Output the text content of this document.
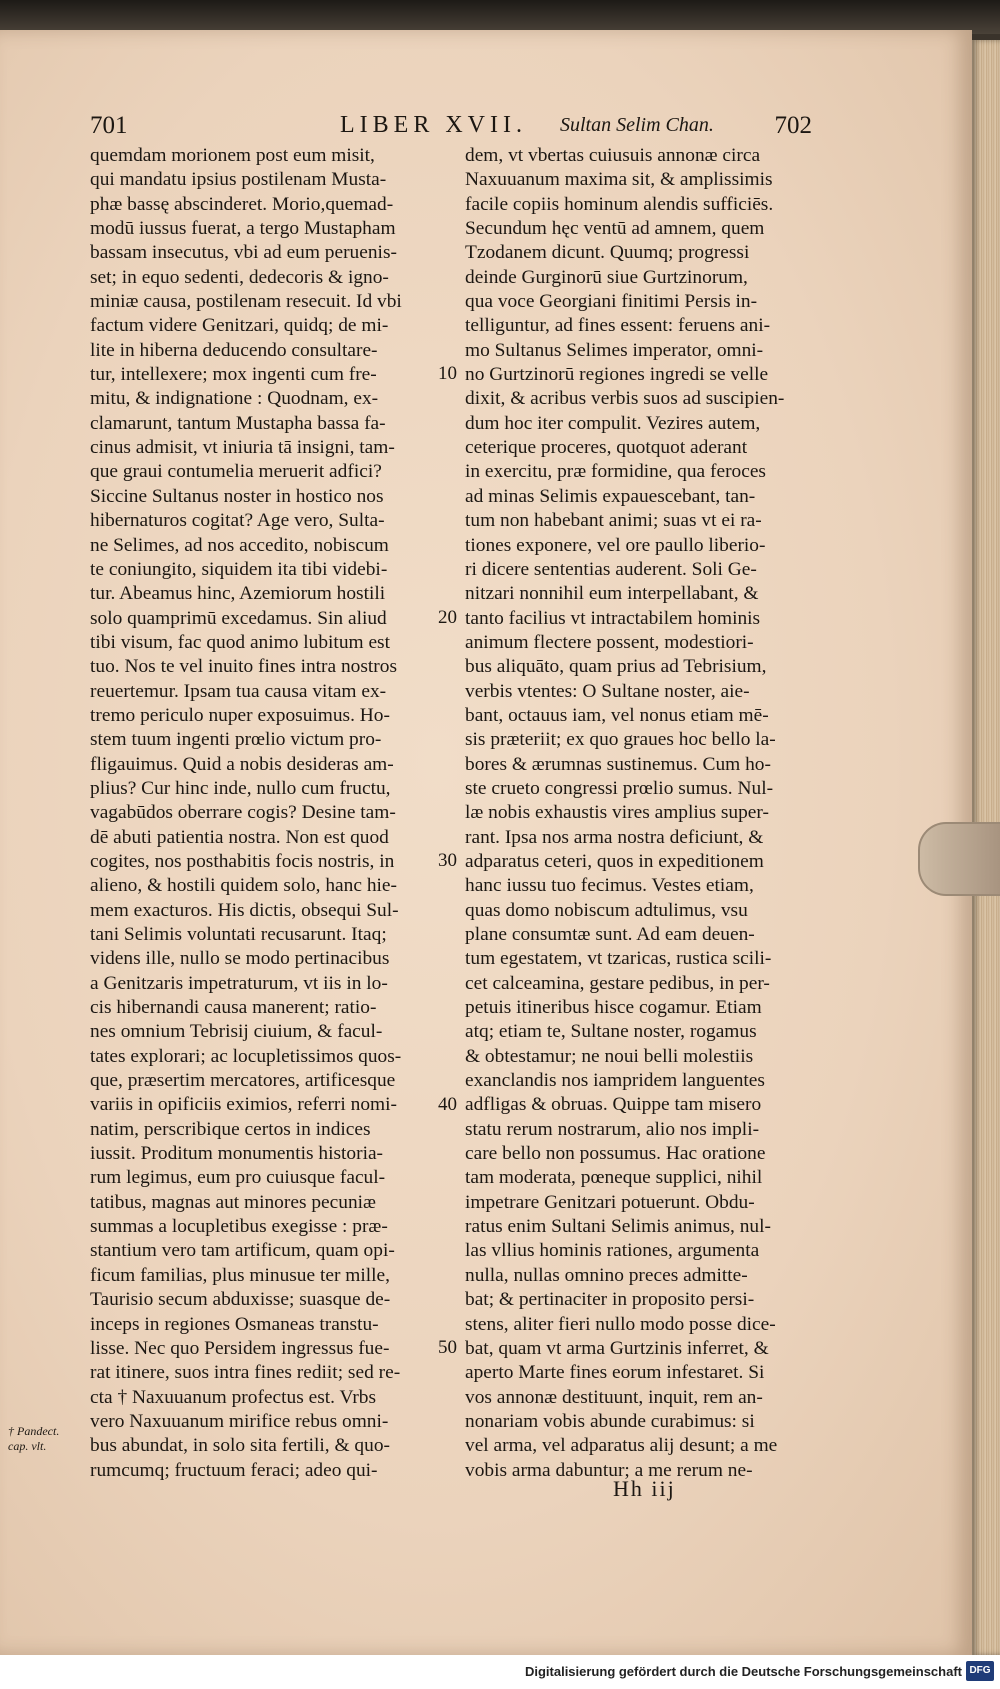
701	LIBER XVII. Sultan Selim Chan. 702
quemdam morionem post eum misit,
qui mandatu ipsius postilenam Musta-
phæ bassę abscinderet. Morio,quemad-
modū iussus fuerat, a tergo Mustapham
bassam insecutus, vbi ad eum peruenis-
set; in equo sedenti, dedecoris & igno-
miniæ causa, postilenam resecuit. Id vbi
factum videre Genitzari, quidq; de mi-
lite in hiberna deducendo consultare-
tur, intellexere; mox ingenti cum fre-
mitu, & indignatione : Quodnam, ex-
clamarunt, tantum Mustapha bassa fa-
cinus admisit, vt iniuria tā insigni, tam-
que graui contumelia meruerit adfici?
Siccine Sultanus noster in hostico nos
hibernaturos cogitat? Age vero, Sulta-
ne Selimes, ad nos accedito, nobiscum
te coniungito, siquidem ita tibi videbi-
tur. Abeamus hinc, Azemiorum hostili
solo quamprimū excedamus. Sin aliud
tibi visum, fac quod animo lubitum est
tuo. Nos te vel inuito fines intra nostros
reuertemur. Ipsam tua causa vitam ex-
tremo periculo nuper exposuimus. Ho-
stem tuum ingenti prœlio victum pro-
fligauimus. Quid a nobis desideras am-
plius? Cur hinc inde, nullo cum fructu,
vagabūdos oberrare cogis? Desine tam-
dē abuti patientia nostra. Non est quod
cogites, nos posthabitis focis nostris, in
alieno, & hostili quidem solo, hanc hie-
mem exacturos. His dictis, obsequi Sul-
tani Selimis voluntati recusarunt. Itaq;
videns ille, nullo se modo pertinacibus
a Genitzaris impetraturum, vt iis in lo-
cis hibernandi causa manerent; ratio-
nes omnium Tebrisij ciuium, & facul-
tates explorari; ac locupletissimos quos-
que, præsertim mercatores, artificesque
variis in opificiis eximios, referri nomi-
natim, perscribique certos in indices
iussit. Proditum monumentis historia-
rum legimus, eum pro cuiusque facul-
tatibus, magnas aut minores pecuniæ
summas a locupletibus exegisse : præ-
stantium vero tam artificum, quam opi-
ficum familias, plus minusue ter mille,
Taurisio secum abduxisse; suasque de-
inceps in regiones Osmaneas transtu-
lisse. Nec quo Persidem ingressus fue-
rat itinere, suos intra fines rediit; sed re-
cta † Naxuuanum profectus est. Vrbs
vero Naxuuanum mirifice rebus omni-
bus abundat, in solo sita fertili, & quo-
rumcumq; fructuum feraci; adeo qui-
dem, vt vbertas cuiusuis annonæ circa
Naxuuanum maxima sit, & amplissimis
facile copiis hominum alendis sufficiēs.
Secundum hęc ventū ad amnem, quem
Tzodanem dicunt. Quumq; progressi
deinde Gurginorū siue Gurtzinorum,
qua voce Georgiani finitimi Persis in-
telliguntur, ad fines essent: feruens ani-
mo Sultanus Selimes imperator, omni-
no Gurtzinorū regiones ingredi se velle
dixit, & acribus verbis suos ad suscipien-
dum hoc iter compulit. Vezires autem,
ceterique proceres, quotquot aderant
in exercitu, præ formidine, qua feroces
ad minas Selimis expauescebant, tan-
tum non habebant animi; suas vt ei ra-
tiones exponere, vel ore paullo liberio-
ri dicere sententias auderent. Soli Ge-
nitzari nonnihil eum interpellabant, &
tanto facilius vt intractabilem hominis
animum flectere possent, modestiori-
bus aliquāto, quam prius ad Tebrisium,
verbis vtentes: O Sultane noster, aie-
bant, octauus iam, vel nonus etiam mē-
sis præteriit; ex quo graues hoc bello la-
bores & ærumnas sustinemus. Cum ho-
ste crueto congressi prœlio sumus. Nul-
læ nobis exhaustis vires amplius super-
rant. Ipsa nos arma nostra deficiunt, &
adparatus ceteri, quos in expeditionem
hanc iussu tuo fecimus. Vestes etiam,
quas domo nobiscum adtulimus, vsu
plane consumtæ sunt. Ad eam deuen-
tum egestatem, vt tzaricas, rustica scili-
cet calceamina, gestare pedibus, in per-
petuis itineribus hisce cogamur. Etiam
atq; etiam te, Sultane noster, rogamus
& obtestamur; ne noui belli molestiis
exanclandis nos iampridem languentes
adfligas & obruas. Quippe tam misero
statu rerum nostrarum, alio nos impli-
care bello non possumus. Hac oratione
tam moderata, pœneque supplici, nihil
impetrare Genitzari potuerunt. Obdu-
ratus enim Sultani Selimis animus, nul-
las vllius hominis rationes, argumenta
nulla, nullas omnino preces admitte-
bat; & pertinaciter in proposito persi-
stens, aliter fieri nullo modo posse dice-
bat, quam vt arma Gurtzinis inferret, &
aperto Marte fines eorum infestaret. Si
vos annonæ destituunt, inquit, rem an-
nonariam vobis abunde curabimus: si
vel arma, vel adparatus alij desunt; a me
vobis arma dabuntur; a me rerum ne-
10
20
30
40
50
† Pandect.
cap. vlt.
Hh iij
Digitalisierung gefördert durch die Deutsche Forschungsgemeinschaft DFG
